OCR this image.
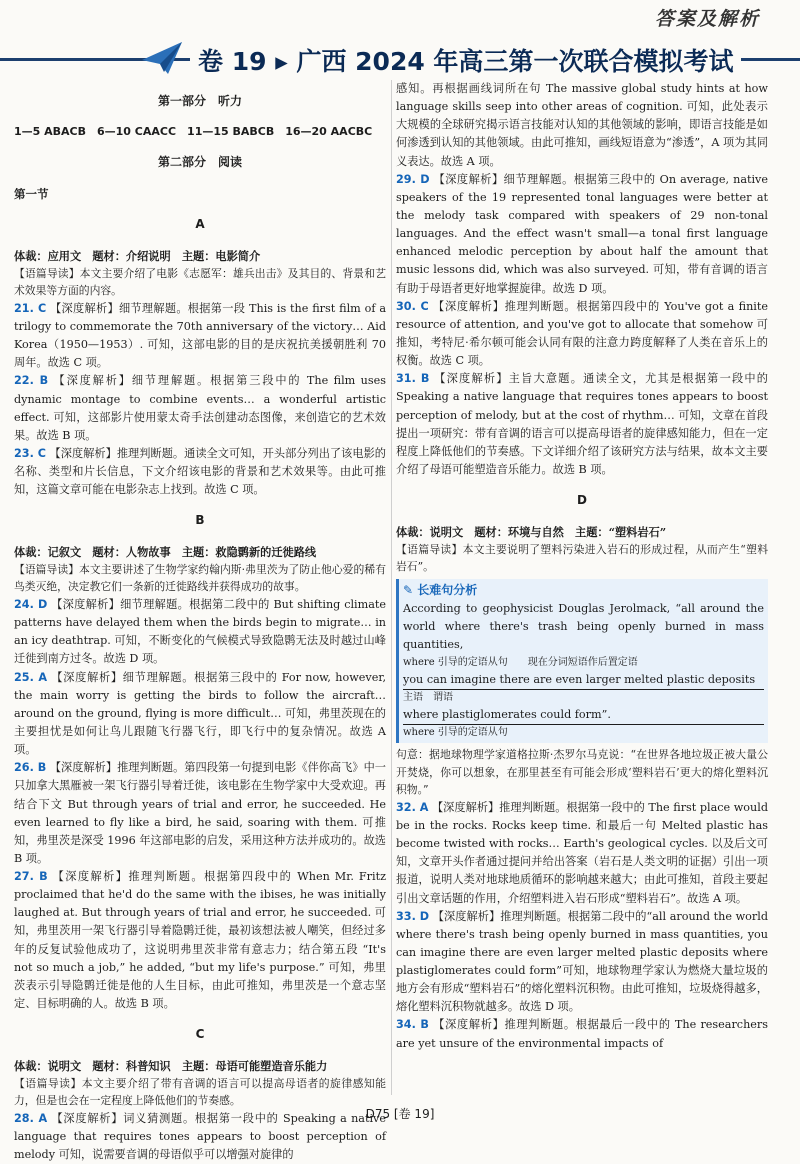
答案及解析
卷 19 ▸ 广西 2024 年高三第一次联合模拟考试

第一部分　听力

1—5 ABACB　6—10 CAACC　11—15 BABCB　16—20 AACBC

第二部分　阅读

第一节

A

体裁：应用文　题材：介绍说明　主题：电影简介

【语篇导读】本文主要介绍了电影《志愿军：雄兵出击》及其目的、背景和艺术效果等方面的内容。

21. C 【深度解析】细节理解题。根据第一段 This is the first film of a trilogy to commemorate the 70th anniversary of the victory… Aid Korea（1950—1953）. 可知，这部电影的目的是庆祝抗美援朝胜利 70 周年。故选 C 项。

22. B 【深度解析】细节理解题。根据第三段中的 The film uses dynamic montage to combine events… a wonderful artistic effect. 可知，这部影片使用蒙太奇手法创建动态图像，来创造它的艺术效果。故选 B 项。

23. C 【深度解析】推理判断题。通读全文可知，开头部分列出了该电影的名称、类型和片长信息，下文介绍该电影的背景和艺术效果等。由此可推知，这篇文章可能在电影杂志上找到。故选 C 项。

B

体裁：记叙文　题材：人物故事　主题：救隐鹮新的迁徙路线

【语篇导读】本文主要讲述了生物学家约翰内斯·弗里茨为了防止他心爱的稀有鸟类灭绝，决定教它们一条新的迁徙路线并获得成功的故事。

24. D 【深度解析】细节理解题。根据第二段中的 But shifting climate patterns have delayed them when the birds begin to migrate… in an icy deathtrap. 可知，不断变化的气候模式导致隐鹮无法及时越过山峰迁徙到南方过冬。故选 D 项。

25. A 【深度解析】细节理解题。根据第三段中的 For now, however, the main worry is getting the birds to follow the aircraft… around on the ground, flying is more difficult… 可知，弗里茨现在的主要担忧是如何让鸟儿跟随飞行器飞行，即飞行中的复杂情况。故选 A 项。

26. B 【深度解析】推理判断题。第四段第一句提到电影《伴你高飞》中一只加拿大黑雁被一架飞行器引导着迁徙，该电影在生物学家中大受欢迎。再结合下文 But through years of trial and error, he succeeded. He even learned to fly like a bird, he said, soaring with them. 可推知，弗里茨是深受 1996 年这部电影的启发，采用这种方法并成功的。故选 B 项。

27. B 【深度解析】推理判断题。根据第四段中的 When Mr. Fritz proclaimed that he'd do the same with the ibises, he was initially laughed at. But through years of trial and error, he succeeded. 可知，弗里茨用一架飞行器引导着隐鹮迁徙，最初该想法被人嘲笑，但经过多年的反复试验他成功了，这说明弗里茨非常有意志力；结合第五段 “It's not so much a job,” he added, “but my life's purpose.” 可知，弗里茨表示引导隐鹮迁徙是他的人生目标，由此可推知，弗里茨是一个意志坚定、目标明确的人。故选 B 项。

C

体裁：说明文　题材：科普知识　主题：母语可能塑造音乐能力

【语篇导读】本文主要介绍了带有音调的语言可以提高母语者的旋律感知能力，但是也会在一定程度上降低他们的节奏感。

28. A 【深度解析】词义猜测题。根据第一段中的 Speaking a native language that requires tones appears to boost perception of melody 可知，说需要音调的母语似乎可以增强对旋律的

感知。再根据画线词所在句 The massive global study hints at how language skills seep into other areas of cognition. 可知，此处表示大规模的全球研究揭示语言技能对认知的其他领域的影响，即语言技能是如何渗透到认知的其他领域。由此可推知，画线短语意为“渗透”，A 项为其同义表达。故选 A 项。

29. D 【深度解析】细节理解题。根据第三段中的 On average, native speakers of the 19 represented tonal languages were better at the melody task compared with speakers of 29 non-tonal languages. And the effect wasn't small—a tonal first language enhanced melodic perception by about half the amount that music lessons did, which was also surveyed. 可知，带有音调的语言有助于母语者更好地掌握旋律。故选 D 项。

30. C 【深度解析】推理判断题。根据第四段中的 You've got a finite resource of attention, and you've got to allocate that somehow 可推知，考特尼·希尔顿可能会认同有限的注意力跨度解释了人类在音乐上的权衡。故选 C 项。

31. B 【深度解析】主旨大意题。通读全文，尤其是根据第一段中的 Speaking a native language that requires tones appears to boost perception of melody, but at the cost of rhythm… 可知，文章在首段提出一项研究：带有音调的语言可以提高母语者的旋律感知能力，但在一定程度上降低他们的节奏感。下文详细介绍了该研究方法与结果，故本文主要介绍了母语可能塑造音乐能力。故选 B 项。

D

体裁：说明文　题材：环境与自然　主题：“塑料岩石”

【语篇导读】本文主要说明了塑料污染进入岩石的形成过程，从而产生“塑料岩石”。

✎ 长难句分析

According to geophysicist Douglas Jerolmack, “all around the world where there's trash being openly burned in mass quantities,

where 引导的定语从句　　现在分词短语作后置定语

you can imagine there are even larger melted plastic deposits

主语　谓语

where plastiglomerates could form”.

where 引导的定语从句

句意：据地球物理学家道格拉斯·杰罗尔马克说：“在世界各地垃圾正被大量公开焚烧，你可以想象，在那里甚至有可能会形成‘塑料岩石’更大的熔化塑料沉积物。”

32. A 【深度解析】推理判断题。根据第一段中的 The first place would be in the rocks. Rocks keep time. 和最后一句 Melted plastic has become twisted with rocks… Earth's geological cycles. 以及后文可知，文章开头作者通过提问并给出答案（岩石是人类文明的证据）引出一项报道，说明人类对地球地质循环的影响越来越大；由此可推知，首段主要起引出文章话题的作用，介绍塑料进入岩石形成“塑料岩石”。故选 A 项。

33. D 【深度解析】推理判断题。根据第二段中的“all around the world where there's trash being openly burned in mass quantities, you can imagine there are even larger melted plastic deposits where plastiglomerates could form”可知，地球物理学家认为燃烧大量垃圾的地方会有形成“塑料岩石”的熔化塑料沉积物。由此可推知，垃圾烧得越多，熔化塑料沉积物就越多。故选 D 项。

34. B 【深度解析】推理判断题。根据最后一段中的 The researchers are yet unsure of the environmental impacts of

D75 [卷 19]
